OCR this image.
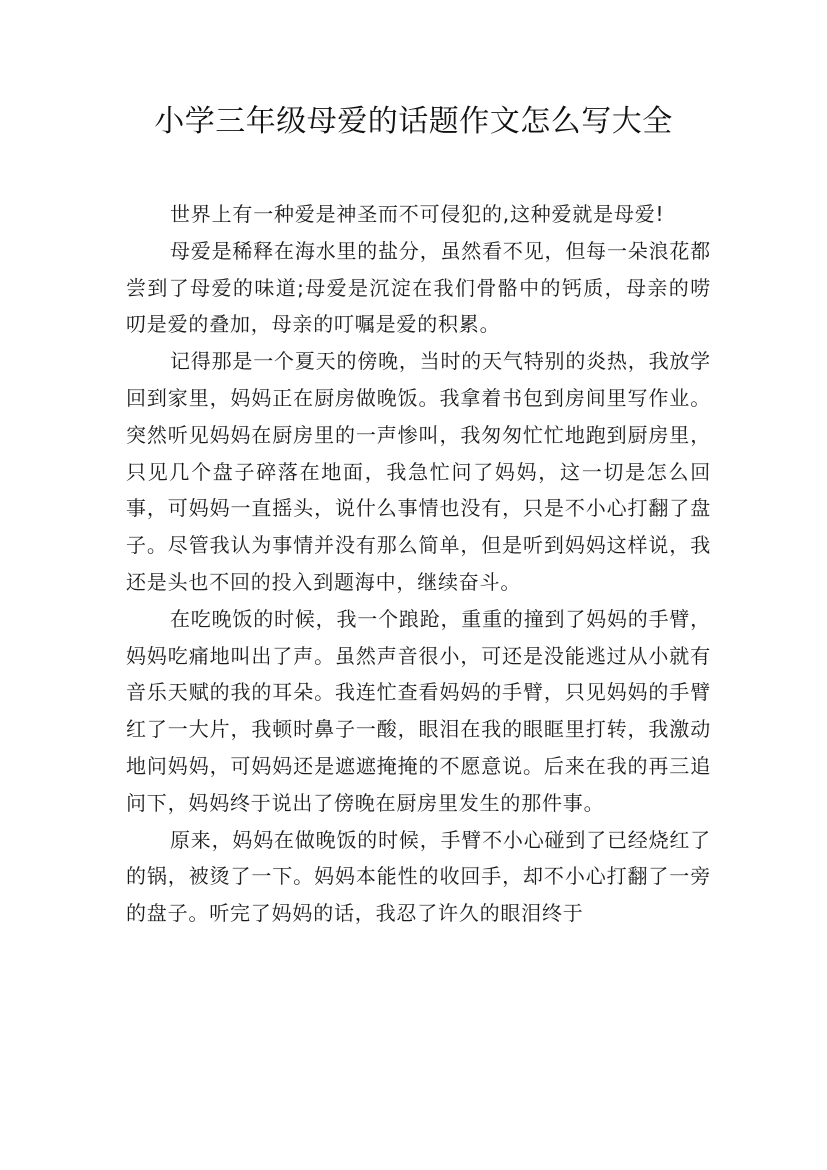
小学三年级母爱的话题作文怎么写大全

世界上有一种爱是神圣而不可侵犯的,这种爱就是母爱!

母爱是稀释在海水里的盐分，虽然看不见，但每一朵浪花都尝到了母爱的味道;母爱是沉淀在我们骨骼中的钙质，母亲的唠叨是爱的叠加，母亲的叮嘱是爱的积累。

记得那是一个夏天的傍晚，当时的天气特别的炎热，我放学回到家里，妈妈正在厨房做晚饭。我拿着书包到房间里写作业。突然听见妈妈在厨房里的一声惨叫，我匆匆忙忙地跑到厨房里，只见几个盘子碎落在地面，我急忙问了妈妈，这一切是怎么回事，可妈妈一直摇头，说什么事情也没有，只是不小心打翻了盘子。尽管我认为事情并没有那么简单，但是听到妈妈这样说，我还是头也不回的投入到题海中，继续奋斗。

在吃晚饭的时候，我一个踉跄，重重的撞到了妈妈的手臂，妈妈吃痛地叫出了声。虽然声音很小，可还是没能逃过从小就有音乐天赋的我的耳朵。我连忙查看妈妈的手臂，只见妈妈的手臂红了一大片，我顿时鼻子一酸，眼泪在我的眼眶里打转，我激动地问妈妈，可妈妈还是遮遮掩掩的不愿意说。后来在我的再三追问下，妈妈终于说出了傍晚在厨房里发生的那件事。

原来，妈妈在做晚饭的时候，手臂不小心碰到了已经烧红了的锅，被烫了一下。妈妈本能性的收回手，却不小心打翻了一旁的盘子。听完了妈妈的话，我忍了许久的眼泪终于
